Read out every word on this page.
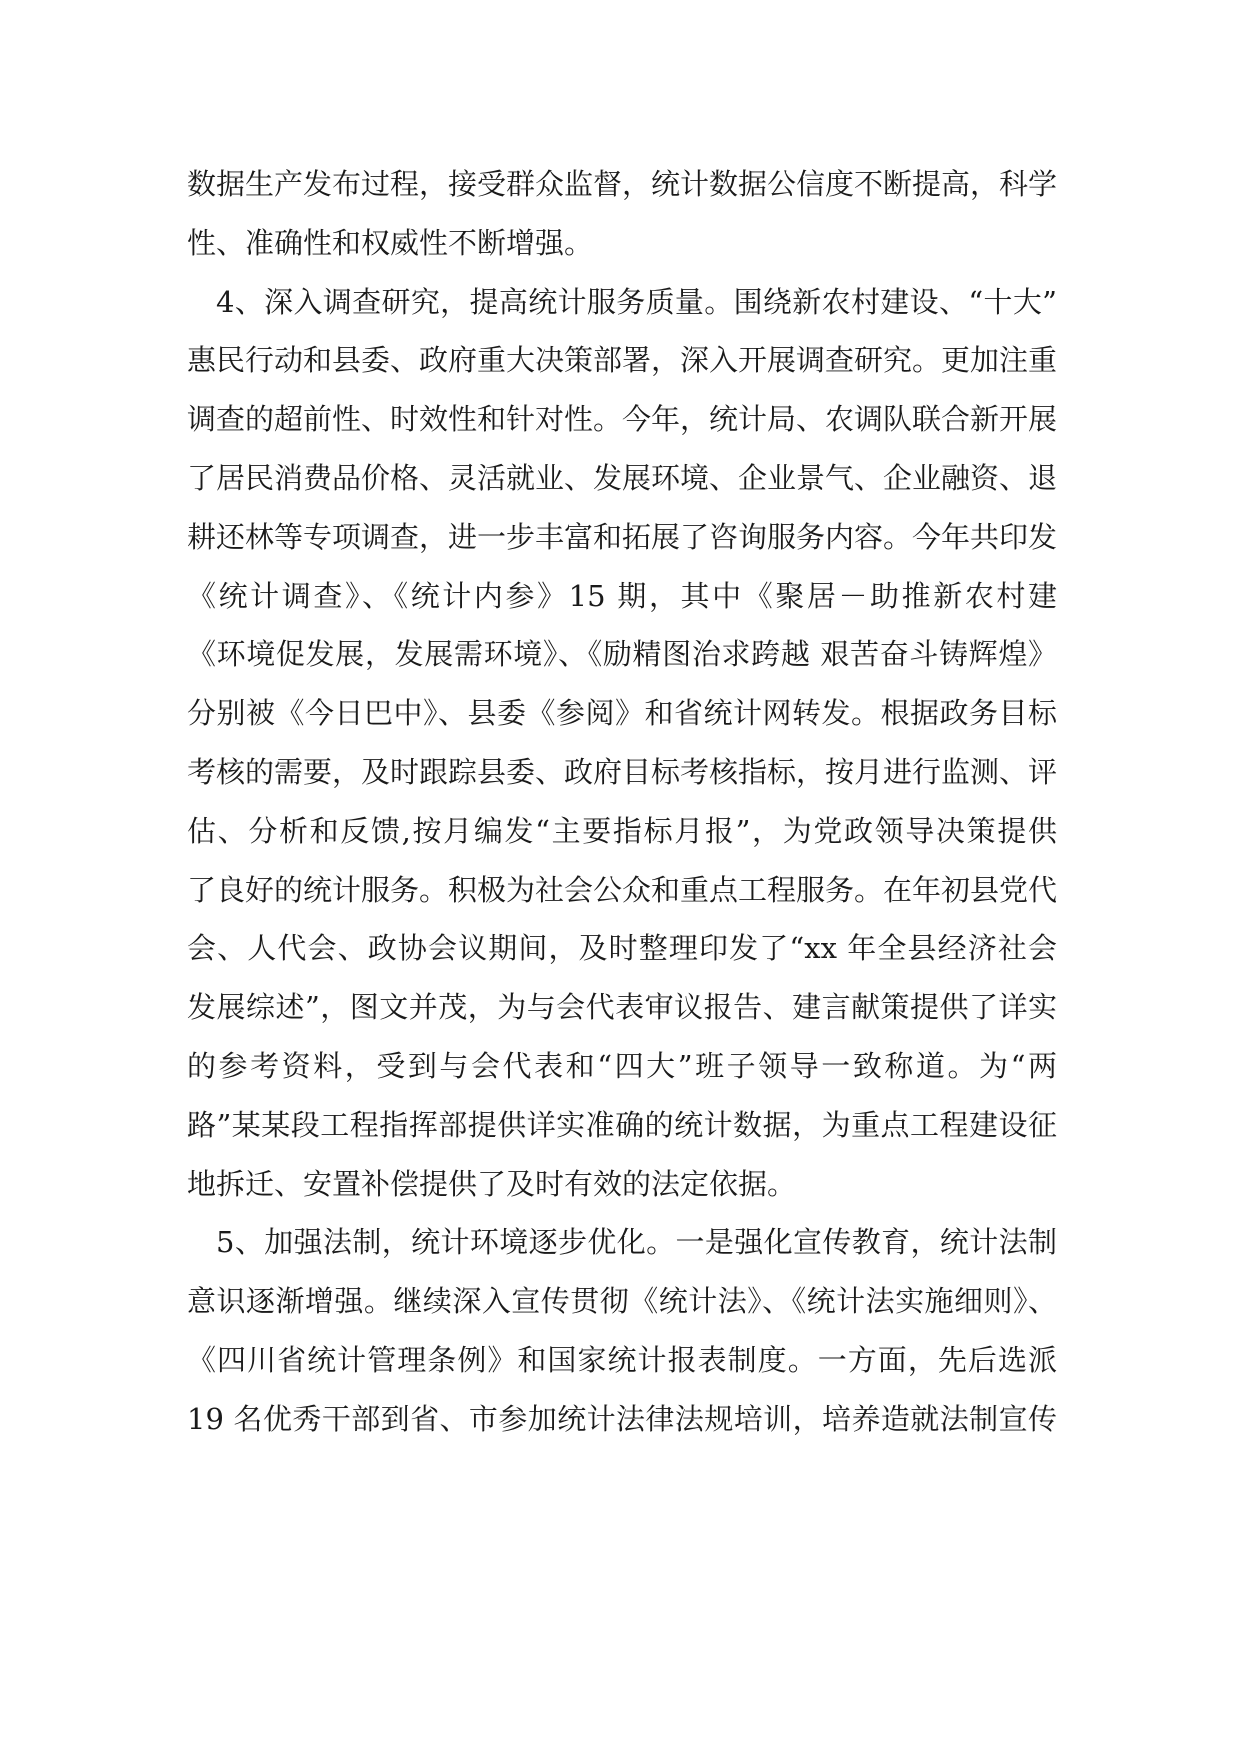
数据生产发布过程，接受群众监督，统计数据公信度不断提高，科学
性、准确性和权威性不断增强。
4、深入调查研究，提高统计服务质量。围绕新农村建设、“十大”
惠民行动和县委、政府重大决策部署，深入开展调查研究。更加注重
调查的超前性、时效性和针对性。今年，统计局、农调队联合新开展
了居民消费品价格、灵活就业、发展环境、企业景气、企业融资、退
耕还林等专项调查，进一步丰富和拓展了咨询服务内容。今年共印发
《统计调查》、《统计内参》15 期，其中《聚居－助推新农村建
《环境促发展，发展需环境》、《励精图治求跨越 艰苦奋斗铸辉煌》
分别被《今日巴中》、县委《参阅》和省统计网转发。根据政务目标
考核的需要，及时跟踪县委、政府目标考核指标，按月进行监测、评
估、分析和反馈,按月编发“主要指标月报”，为党政领导决策提供
了良好的统计服务。积极为社会公众和重点工程服务。在年初县党代
会、人代会、政协会议期间，及时整理印发了“xx 年全县经济社会
发展综述”，图文并茂，为与会代表审议报告、建言献策提供了详实
的参考资料，受到与会代表和“四大”班子领导一致称道。为“两
路”某某段工程指挥部提供详实准确的统计数据，为重点工程建设征
地拆迁、安置补偿提供了及时有效的法定依据。
5、加强法制，统计环境逐步优化。一是强化宣传教育，统计法制
意识逐渐增强。继续深入宣传贯彻《统计法》、《统计法实施细则》、
《四川省统计管理条例》和国家统计报表制度。一方面，先后选派
19 名优秀干部到省、市参加统计法律法规培训，培养造就法制宣传
